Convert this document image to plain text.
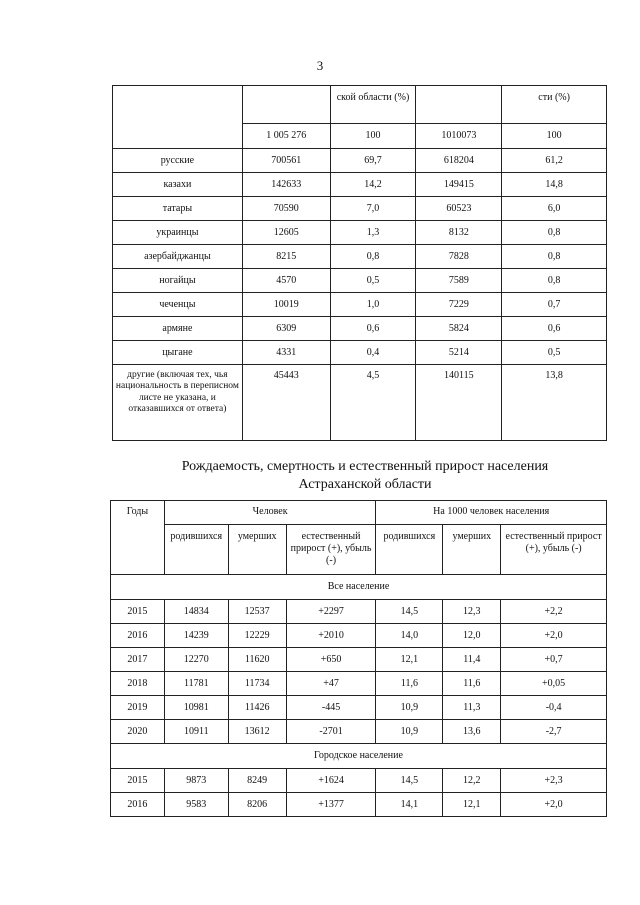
3
		ской области (%)		сти (%)
	1 005 276	100	1010073	100
русские	700561	69,7	618204	61,2
казахи	142633	14,2	149415	14,8
татары	70590	7,0	60523	6,0
украинцы	12605	1,3	8132	0,8
азербайджанцы	8215	0,8	7828	0,8
ногайцы	4570	0,5	7589	0,8
чеченцы	10019	1,0	7229	0,7
армяне	6309	0,6	5824	0,6
цыгане	4331	0,4	5214	0,5
другие (включая тех, чья национальность в переписном листе не указана, и отказавшихся от ответа)	45443	4,5	140115	13,8
Рождаемость, смертность и естественный прирост населения
Астраханской области
Годы	Человек			На 1000 человек населения		
	родившихся	умерших	естественный прирост (+), убыль (-)	родившихся	умерших	естественный прирост (+), убыль (-)
Все население						
2015	14834	12537	+2297	14,5	12,3	+2,2
2016	14239	12229	+2010	14,0	12,0	+2,0
2017	12270	11620	+650	12,1	11,4	+0,7
2018	11781	11734	+47	11,6	11,6	+0,05
2019	10981	11426	-445	10,9	11,3	-0,4
2020	10911	13612	-2701	10,9	13,6	-2,7
Городское население						
2015	9873	8249	+1624	14,5	12,2	+2,3
2016	9583	8206	+1377	14,1	12,1	+2,0
